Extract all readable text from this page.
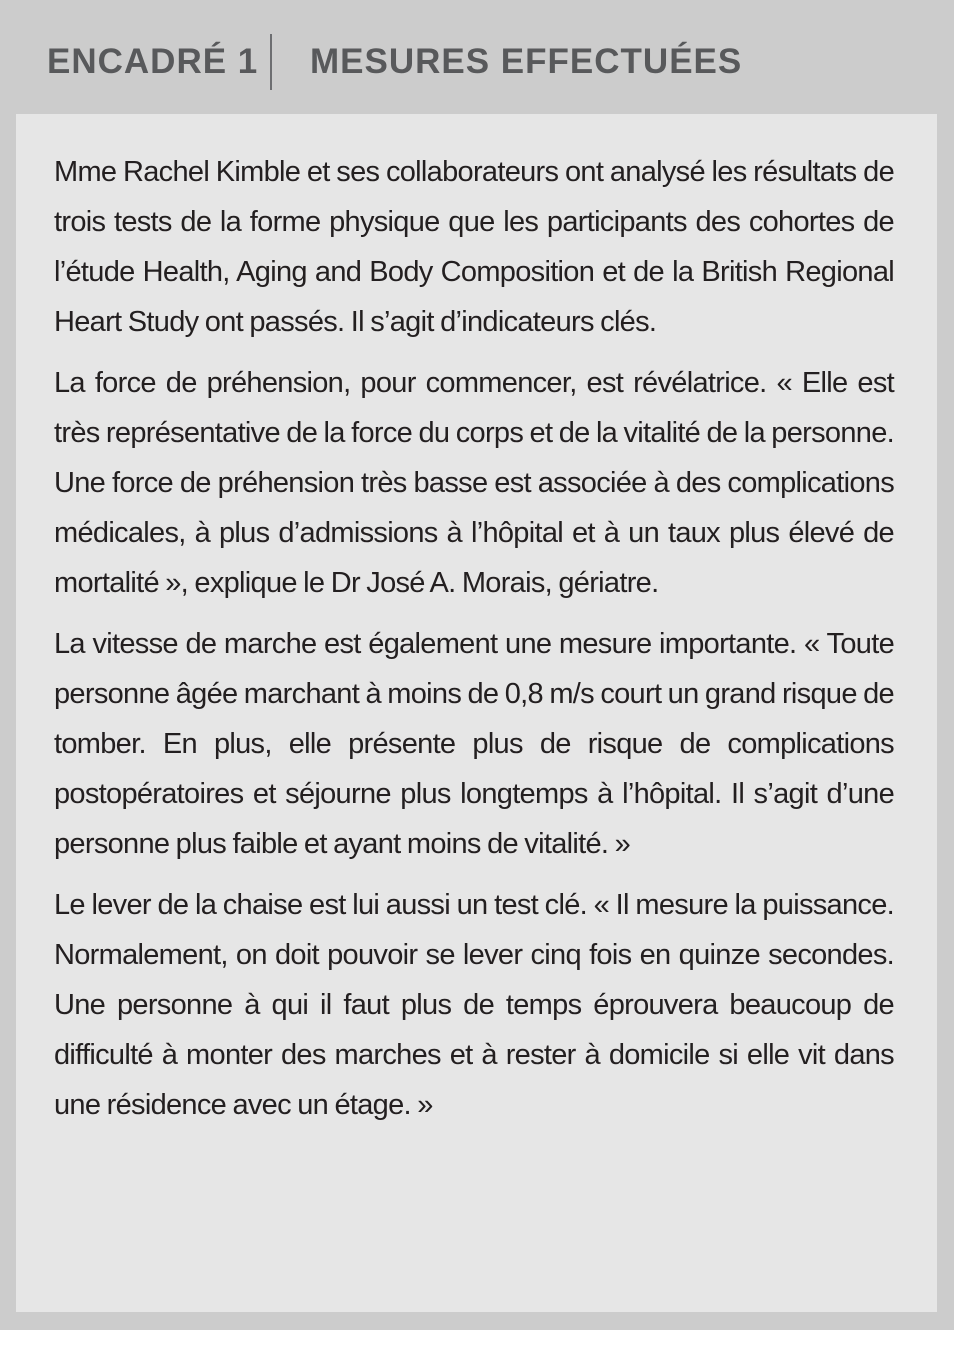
ENCADRÉ 1 MESURES EFFECTUÉES

Mme Rachel Kimble et ses collaborateurs ont analysé les résultats de trois tests de la forme physique que les participants des cohortes de l’étude Health, Aging and Body Composition et de la British Regional Heart Study ont passés. Il s’agit d’indicateurs clés.

La force de préhension, pour commencer, est révélatrice. « Elle est très représentative de la force du corps et de la vitalité de la personne. Une force de préhension très basse est associée à des complications médicales, à plus d’admissions à l’hôpital et à un taux plus élevé de mortalité », explique le Dr José A. Morais, gériatre.

La vitesse de marche est également une mesure importante. « Toute personne âgée marchant à moins de 0,8 m/s court un grand risque de tomber. En plus, elle présente plus de risque de complications postopératoires et séjourne plus longtemps à l’hôpital. Il s’agit d’une personne plus faible et ayant moins de vitalité. »

Le lever de la chaise est lui aussi un test clé. « Il mesure la puissance. Normalement, on doit pouvoir se lever cinq fois en quinze secondes. Une personne à qui il faut plus de temps éprouvera beaucoup de difficulté à monter des marches et à rester à domicile si elle vit dans une résidence avec un étage. »
